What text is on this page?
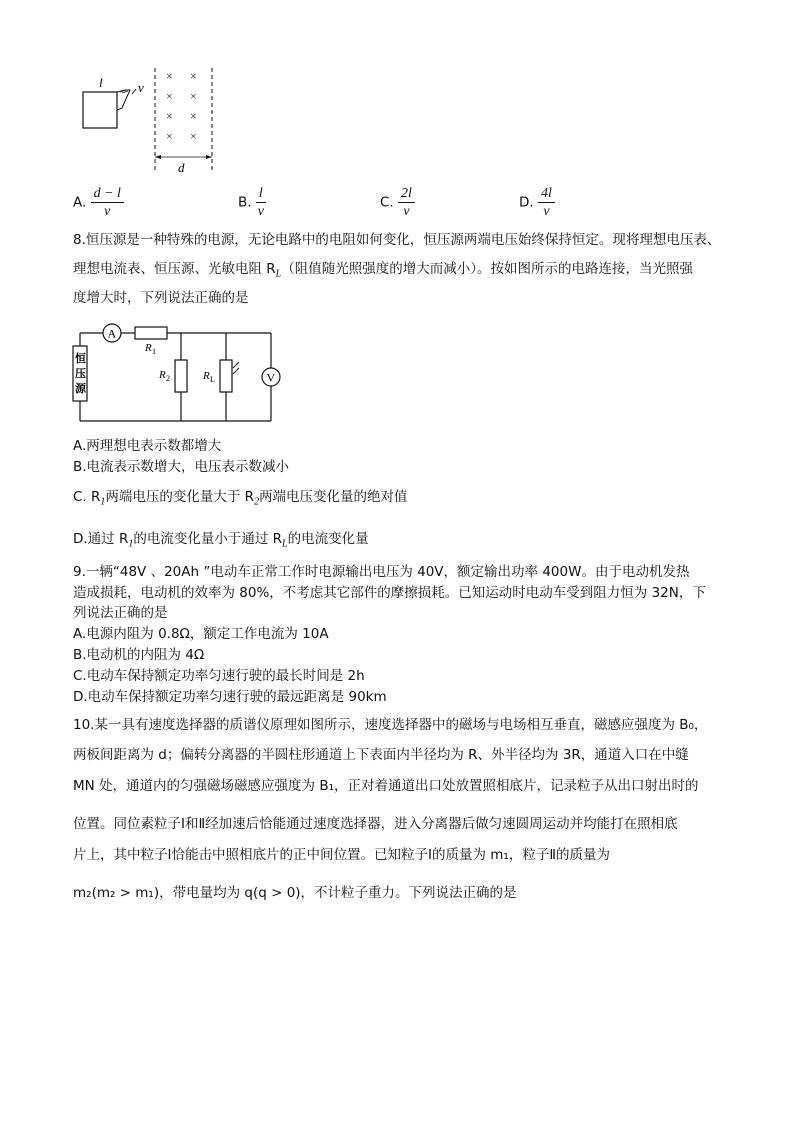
l	v
× ×
× ×
× ×
× ×
d
A. $\frac{d - l}{v}$	B. $\frac{l}{v}$	C. $\frac{2l}{v}$	D. $\frac{4l}{v}$
8.恒压源是一种特殊的电源，无论电路中的电阻如何变化，恒压源两端电压始终保持恒定。现将理想电压表、
理想电流表、恒压源、光敏电阻 $R_L$（阻值随光照强度的增大而减小）。按如图所示的电路连接，当光照强
度增大时，下列说法正确的是
A
R 1
恒
压
源
R 2	R L	V
A.两理想电表示数都增大
B.电流表示数增大，电压表示数减小
C. $R_1$两端电压的变化量大于 $R_2$两端电压变化量的绝对值
D.通过 $R_1$的电流变化量小于通过 $R_L$的电流变化量
9.一辆“48V 、20Ah ”电动车正常工作时电源输出电压为 40V，额定输出功率 400W。由于电动机发热
造成损耗，电动机的效率为 80%，不考虑其它部件的摩擦损耗。已知运动时电动车受到阻力恒为 32N，下
列说法正确的是
A.电源内阻为 0.8Ω，额定工作电流为 10A
B.电动机的内阻为 4Ω
C.电动车保持额定功率匀速行驶的最长时间是 2h
D.电动车保持额定功率匀速行驶的最远距离是 90km
10.某一具有速度选择器的质谱仪原理如图所示，速度选择器中的磁场与电场相互垂直，磁感应强度为 B₀，
两板间距离为 d；偏转分离器的半圆柱形通道上下表面内半径均为 R、外半径均为 3R，通道入口在中缝
MN 处，通道内的匀强磁场磁感应强度为 B₁，正对着通道出口处放置照相底片，记录粒子从出口射出时的
位置。同位素粒子Ⅰ和Ⅱ经加速后恰能通过速度选择器，进入分离器后做匀速圆周运动并均能打在照相底
片上，其中粒子Ⅰ恰能击中照相底片的正中间位置。已知粒子Ⅰ的质量为 m₁，粒子Ⅱ的质量为
m₂(m₂ > m₁)，带电量均为 q(q > 0)，不计粒子重力。下列说法正确的是
